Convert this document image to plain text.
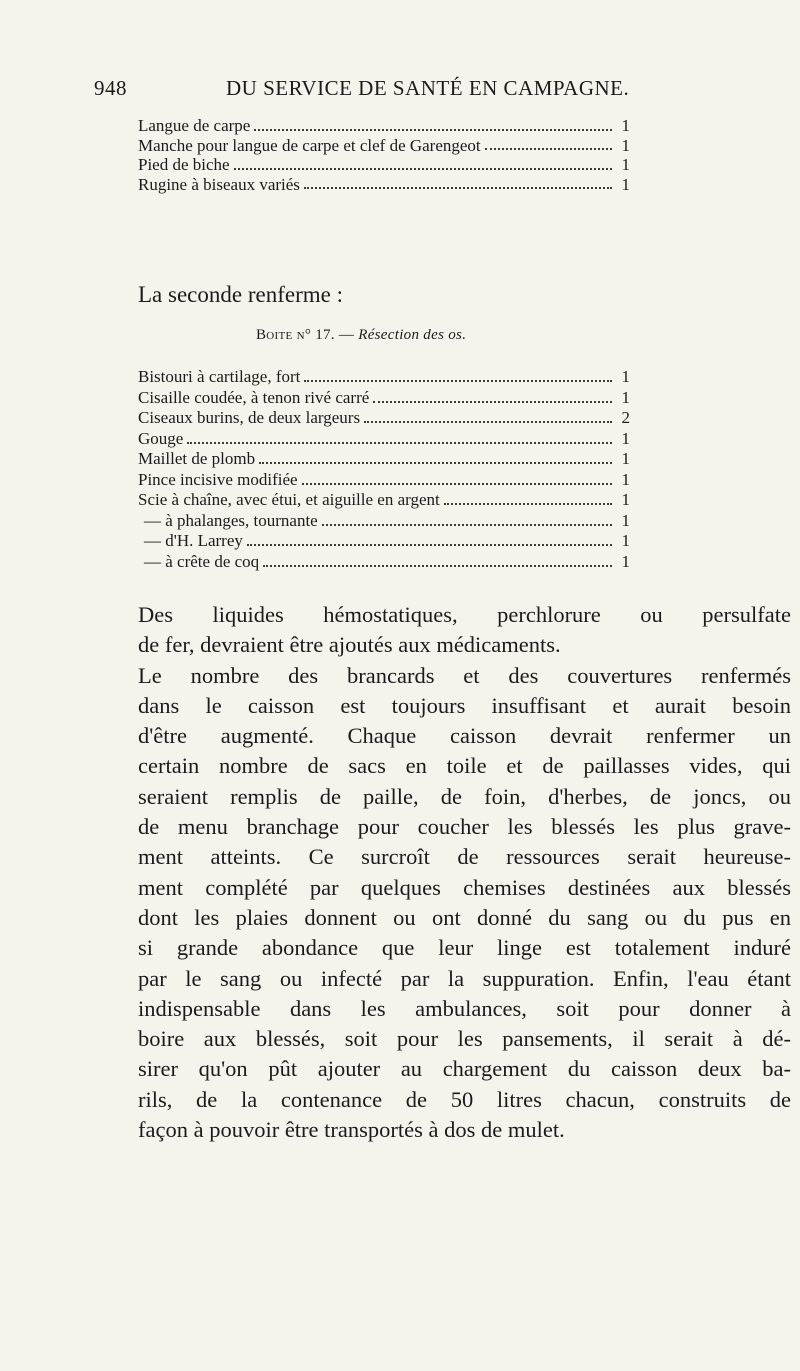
948	DU SERVICE DE SANTÉ EN CAMPAGNE.
Langue de carpe	1
Manche pour langue de carpe et clef de Garengeot	1
Pied de biche	1
Rugine à biseaux variés	1
La seconde renferme :
Boite n° 17. — Résection des os.
Bistouri à cartilage, fort	1
Cisaille coudée, à tenon rivé carré	1
Ciseaux burins, de deux largeurs	2
Gouge	1
Maillet de plomb	1
Pince incisive modifiée	1
Scie à chaîne, avec étui, et aiguille en argent	1
— à phalanges, tournante	1
— d'H. Larrey	1
— à crête de coq	1
Des liquides hémostatiques, perchlorure ou persulfate
de fer, devraient être ajoutés aux médicaments.
Le nombre des brancards et des couvertures renfermés
dans le caisson est toujours insuffisant et aurait besoin
d'être augmenté. Chaque caisson devrait renfermer un
certain nombre de sacs en toile et de paillasses vides, qui
seraient remplis de paille, de foin, d'herbes, de joncs, ou
de menu branchage pour coucher les blessés les plus grave-
ment atteints. Ce surcroît de ressources serait heureuse-
ment complété par quelques chemises destinées aux blessés
dont les plaies donnent ou ont donné du sang ou du pus en
si grande abondance que leur linge est totalement induré
par le sang ou infecté par la suppuration. Enfin, l'eau étant
indispensable dans les ambulances, soit pour donner à
boire aux blessés, soit pour les pansements, il serait à dé-
sirer qu'on pût ajouter au chargement du caisson deux ba-
rils, de la contenance de 50 litres chacun, construits de
façon à pouvoir être transportés à dos de mulet.
